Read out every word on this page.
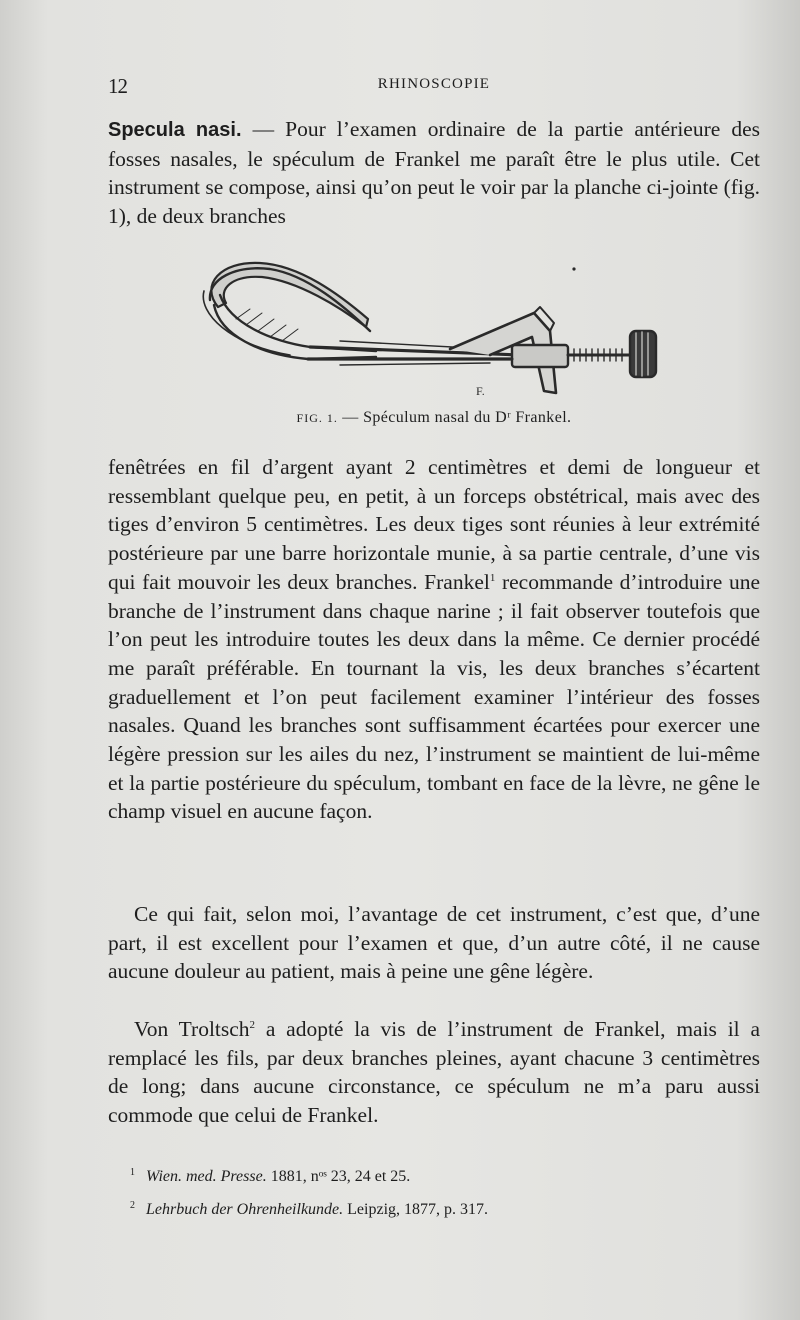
12	RHINOSCOPIE

Specula nasi. — Pour l’examen ordinaire de la partie antérieure des fosses nasales, le spéculum de Frankel me paraît être le plus utile. Cet instrument se compose, ainsi qu’on peut le voir par la planche ci-jointe (fig. 1), de deux branches

F.
FIG. 1. — Spéculum nasal du Dʳ Frankel.

fenêtrées en fil d’argent ayant 2 centimètres et demi de longueur et ressemblant quelque peu, en petit, à un forceps obstétrical, mais avec des tiges d’environ 5 centimètres. Les deux tiges sont réunies à leur extrémité postérieure par une barre horizontale munie, à sa partie centrale, d’une vis qui fait mouvoir les deux branches. Frankel$^1$ recommande d’introduire une branche de l’instrument dans chaque narine ; il fait observer toutefois que l’on peut les introduire toutes les deux dans la même. Ce dernier procédé me paraît préférable. En tournant la vis, les deux branches s’écartent graduellement et l’on peut facilement examiner l’intérieur des fosses nasales. Quand les branches sont suffisamment écartées pour exercer une légère pression sur les ailes du nez, l’instrument se maintient de lui-même et la partie postérieure du spéculum, tombant en face de la lèvre, ne gêne le champ visuel en aucune façon.

Ce qui fait, selon moi, l’avantage de cet instrument, c’est que, d’une part, il est excellent pour l’examen et que, d’un autre côté, il ne cause aucune douleur au patient, mais à peine une gêne légère.

Von Troltsch$^2$ a adopté la vis de l’instrument de Frankel, mais il a remplacé les fils, par deux branches pleines, ayant chacune 3 centimètres de long; dans aucune circonstance, ce spéculum ne m’a paru aussi commode que celui de Frankel.

1 Wien. med. Presse. 1881, nᵒˢ 23, 24 et 25.
2 Lehrbuch der Ohrenheilkunde. Leipzig, 1877, p. 317.
